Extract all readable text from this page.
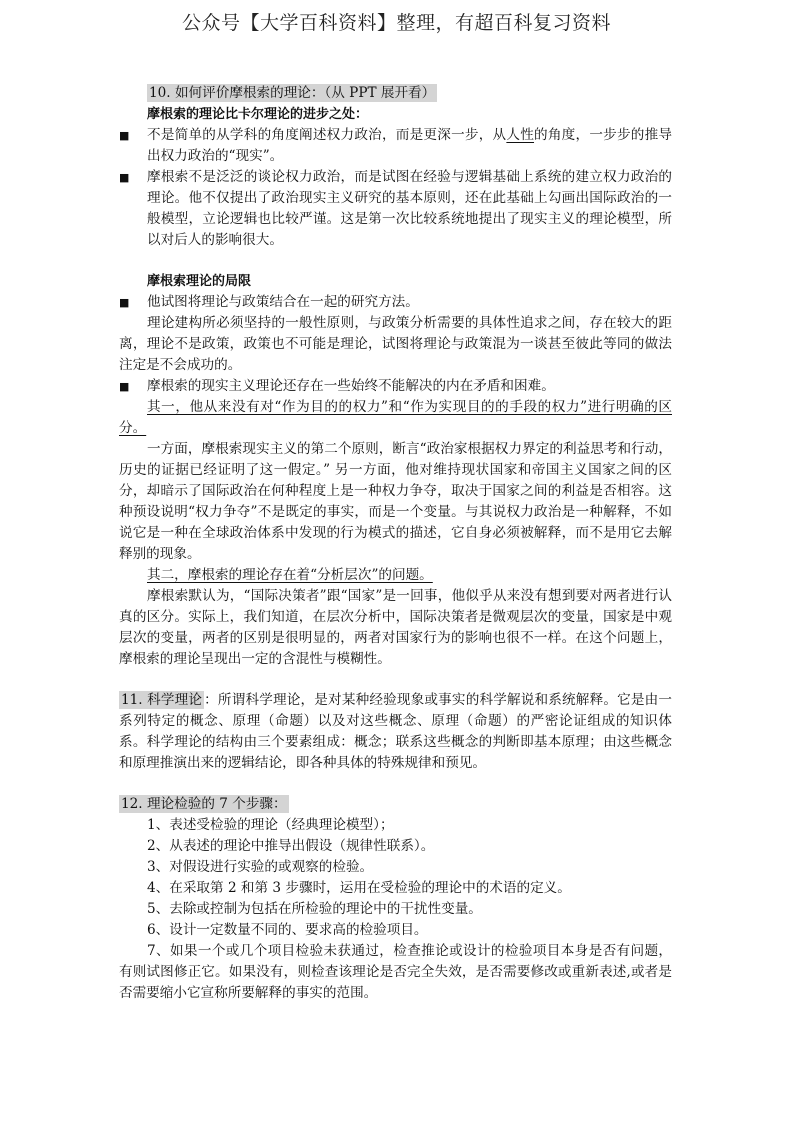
公众号【大学百科资料】整理，有超百科复习资料

10. 如何评价摩根索的理论：（从 PPT 展开看）

摩根索的理论比卡尔理论的进步之处：

■ 不是简单的从学科的角度阐述权力政治，而是更深一步，从人性的角度，一步步的推导出权力政治的“现实”。

■ 摩根索不是泛泛的谈论权力政治，而是试图在经验与逻辑基础上系统的建立权力政治的理论。他不仅提出了政治现实主义研究的基本原则，还在此基础上勾画出国际政治的一般模型，立论逻辑也比较严谨。这是第一次比较系统地提出了现实主义的理论模型，所以对后人的影响很大。

摩根索理论的局限

■ 他试图将理论与政策结合在一起的研究方法。

理论建构所必须坚持的一般性原则，与政策分析需要的具体性追求之间，存在较大的距离，理论不是政策，政策也不可能是理论，试图将理论与政策混为一谈甚至彼此等同的做法注定是不会成功的。

■ 摩根索的现实主义理论还存在一些始终不能解决的内在矛盾和困难。

其一，他从来没有对“作为目的的权力”和“作为实现目的的手段的权力”进行明确的区分。

一方面，摩根索现实主义的第二个原则，断言“政治家根据权力界定的利益思考和行动，历史的证据已经证明了这一假定。” 另一方面，他对维持现状国家和帝国主义国家之间的区分，却暗示了国际政治在何种程度上是一种权力争夺，取决于国家之间的利益是否相容。这种预设说明“权力争夺”不是既定的事实，而是一个变量。与其说权力政治是一种解释，不如说它是一种在全球政治体系中发现的行为模式的描述，它自身必须被解释，而不是用它去解释别的现象。

其二，摩根索的理论存在着“分析层次”的问题。

摩根索默认为，“国际决策者”跟“国家”是一回事，他似乎从来没有想到要对两者进行认真的区分。实际上，我们知道，在层次分析中，国际决策者是微观层次的变量，国家是中观层次的变量，两者的区别是很明显的，两者对国家行为的影响也很不一样。在这个问题上，摩根索的理论呈现出一定的含混性与模糊性。

11. 科学理论 ：所谓科学理论，是对某种经验现象或事实的科学解说和系统解释。它是由一系列特定的概念、原理（命题）以及对这些概念、原理（命题）的严密论证组成的知识体系。科学理论的结构由三个要素组成：概念；联系这些概念的判断即基本原理；由这些概念和原理推演出来的逻辑结论，即各种具体的特殊规律和预见。

12. 理论检验的 7 个步骤：

1、表述受检验的理论（经典理论模型）；

2、从表述的理论中推导出假设（规律性联系）。

3、对假设进行实验的或观察的检验。

4、在采取第 2 和第 3 步骤时，运用在受检验的理论中的术语的定义。

5、去除或控制为包括在所检验的理论中的干扰性变量。

6、设计一定数量不同的、要求高的检验项目。

7、如果一个或几个项目检验未获通过，检查推论或设计的检验项目本身是否有问题，有则试图修正它。如果没有，则检查该理论是否完全失效，是否需要修改或重新表述,或者是否需要缩小它宣称所要解释的事实的范围。
